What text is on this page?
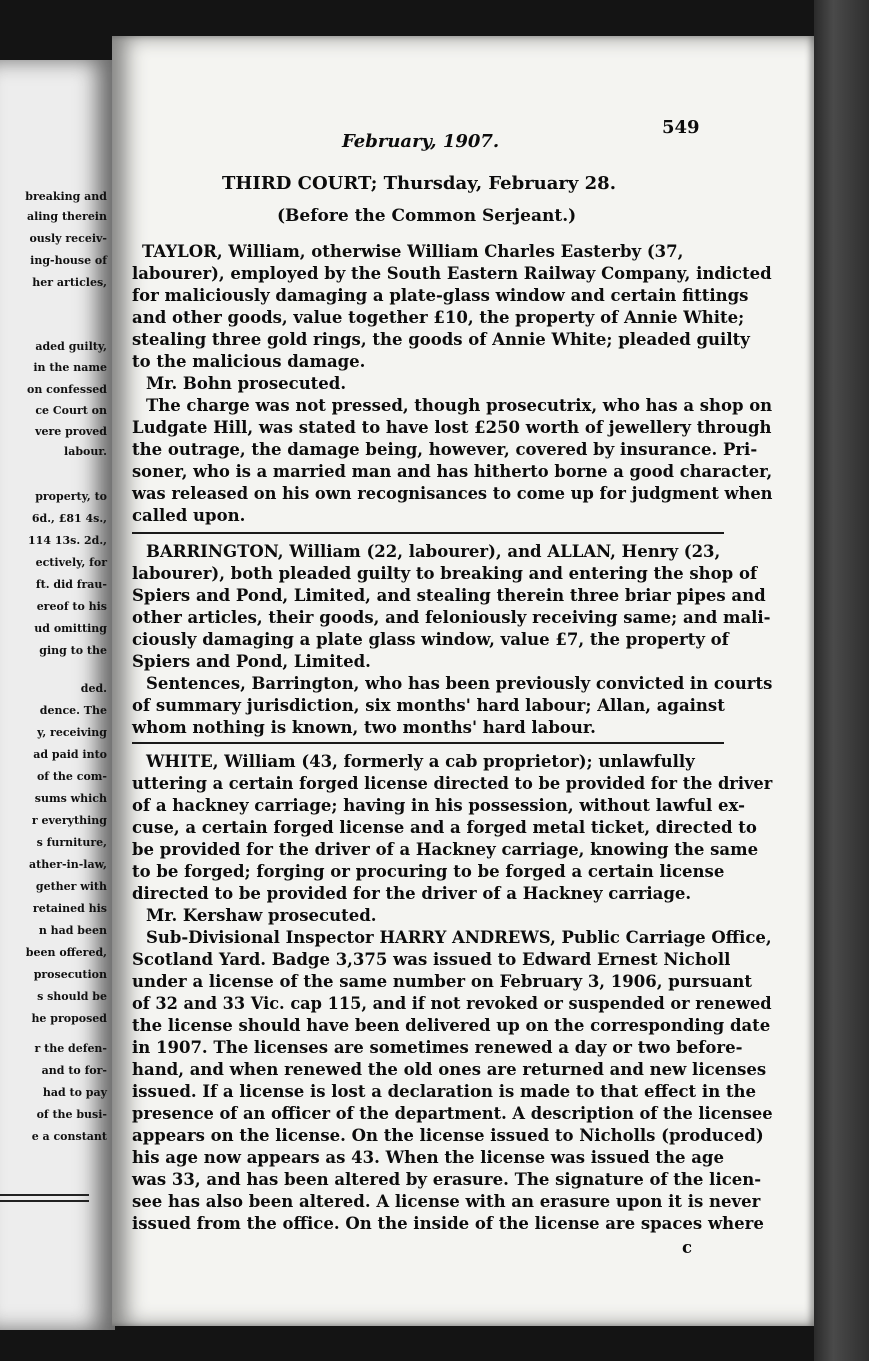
breaking and
aling therein
ously receiv-
ing-house of
her articles,
aded guilty,
in the name
on confessed
ce Court on
vere proved
labour.
property, to
6d., £81 4s.,
114 13s. 2d.,
ectively, for
ft. did frau-
ereof to his
ud omitting
ging to the
ded.
dence. The
y, receiving
ad paid into
of the com-
sums which
r everything
s furniture,
ather-in-law,
gether with
retained his
n had been
been offered,
prosecution
s should be
he proposed
r the defen-
and to for-
had to pay
of the busi-
e a constant
February, 1907.
549
THIRD COURT; Thursday, February 28.
(Before the Common Serjeant.)
TAYLOR, William, otherwise William Charles Easterby (37,
labourer), employed by the South Eastern Railway Company, indicted
for maliciously damaging a plate-glass window and certain fittings
and other goods, value together £10, the property of Annie White;
stealing three gold rings, the goods of Annie White; pleaded guilty
to the malicious damage.
Mr. Bohn prosecuted.
The charge was not pressed, though prosecutrix, who has a shop on
Ludgate Hill, was stated to have lost £250 worth of jewellery through
the outrage, the damage being, however, covered by insurance. Pri-
soner, who is a married man and has hitherto borne a good character,
was released on his own recognisances to come up for judgment when
called upon.
BARRINGTON, William (22, labourer), and ALLAN, Henry (23,
labourer), both pleaded guilty to breaking and entering the shop of
Spiers and Pond, Limited, and stealing therein three briar pipes and
other articles, their goods, and feloniously receiving same; and mali-
ciously damaging a plate glass window, value £7, the property of
Spiers and Pond, Limited.
Sentences, Barrington, who has been previously convicted in courts
of summary jurisdiction, six months' hard labour; Allan, against
whom nothing is known, two months' hard labour.
WHITE, William (43, formerly a cab proprietor); unlawfully
uttering a certain forged license directed to be provided for the driver
of a hackney carriage; having in his possession, without lawful ex-
cuse, a certain forged license and a forged metal ticket, directed to
be provided for the driver of a Hackney carriage, knowing the same
to be forged; forging or procuring to be forged a certain license
directed to be provided for the driver of a Hackney carriage.
Mr. Kershaw prosecuted.
Sub-Divisional Inspector HARRY ANDREWS, Public Carriage Office,
Scotland Yard. Badge 3,375 was issued to Edward Ernest Nicholl
under a license of the same number on February 3, 1906, pursuant
of 32 and 33 Vic. cap 115, and if not revoked or suspended or renewed
the license should have been delivered up on the corresponding date
in 1907. The licenses are sometimes renewed a day or two before-
hand, and when renewed the old ones are returned and new licenses
issued. If a license is lost a declaration is made to that effect in the
presence of an officer of the department. A description of the licensee
appears on the license. On the license issued to Nicholls (produced)
his age now appears as 43. When the license was issued the age
was 33, and has been altered by erasure. The signature of the licen-
see has also been altered. A license with an erasure upon it is never
issued from the office. On the inside of the license are spaces where
c
